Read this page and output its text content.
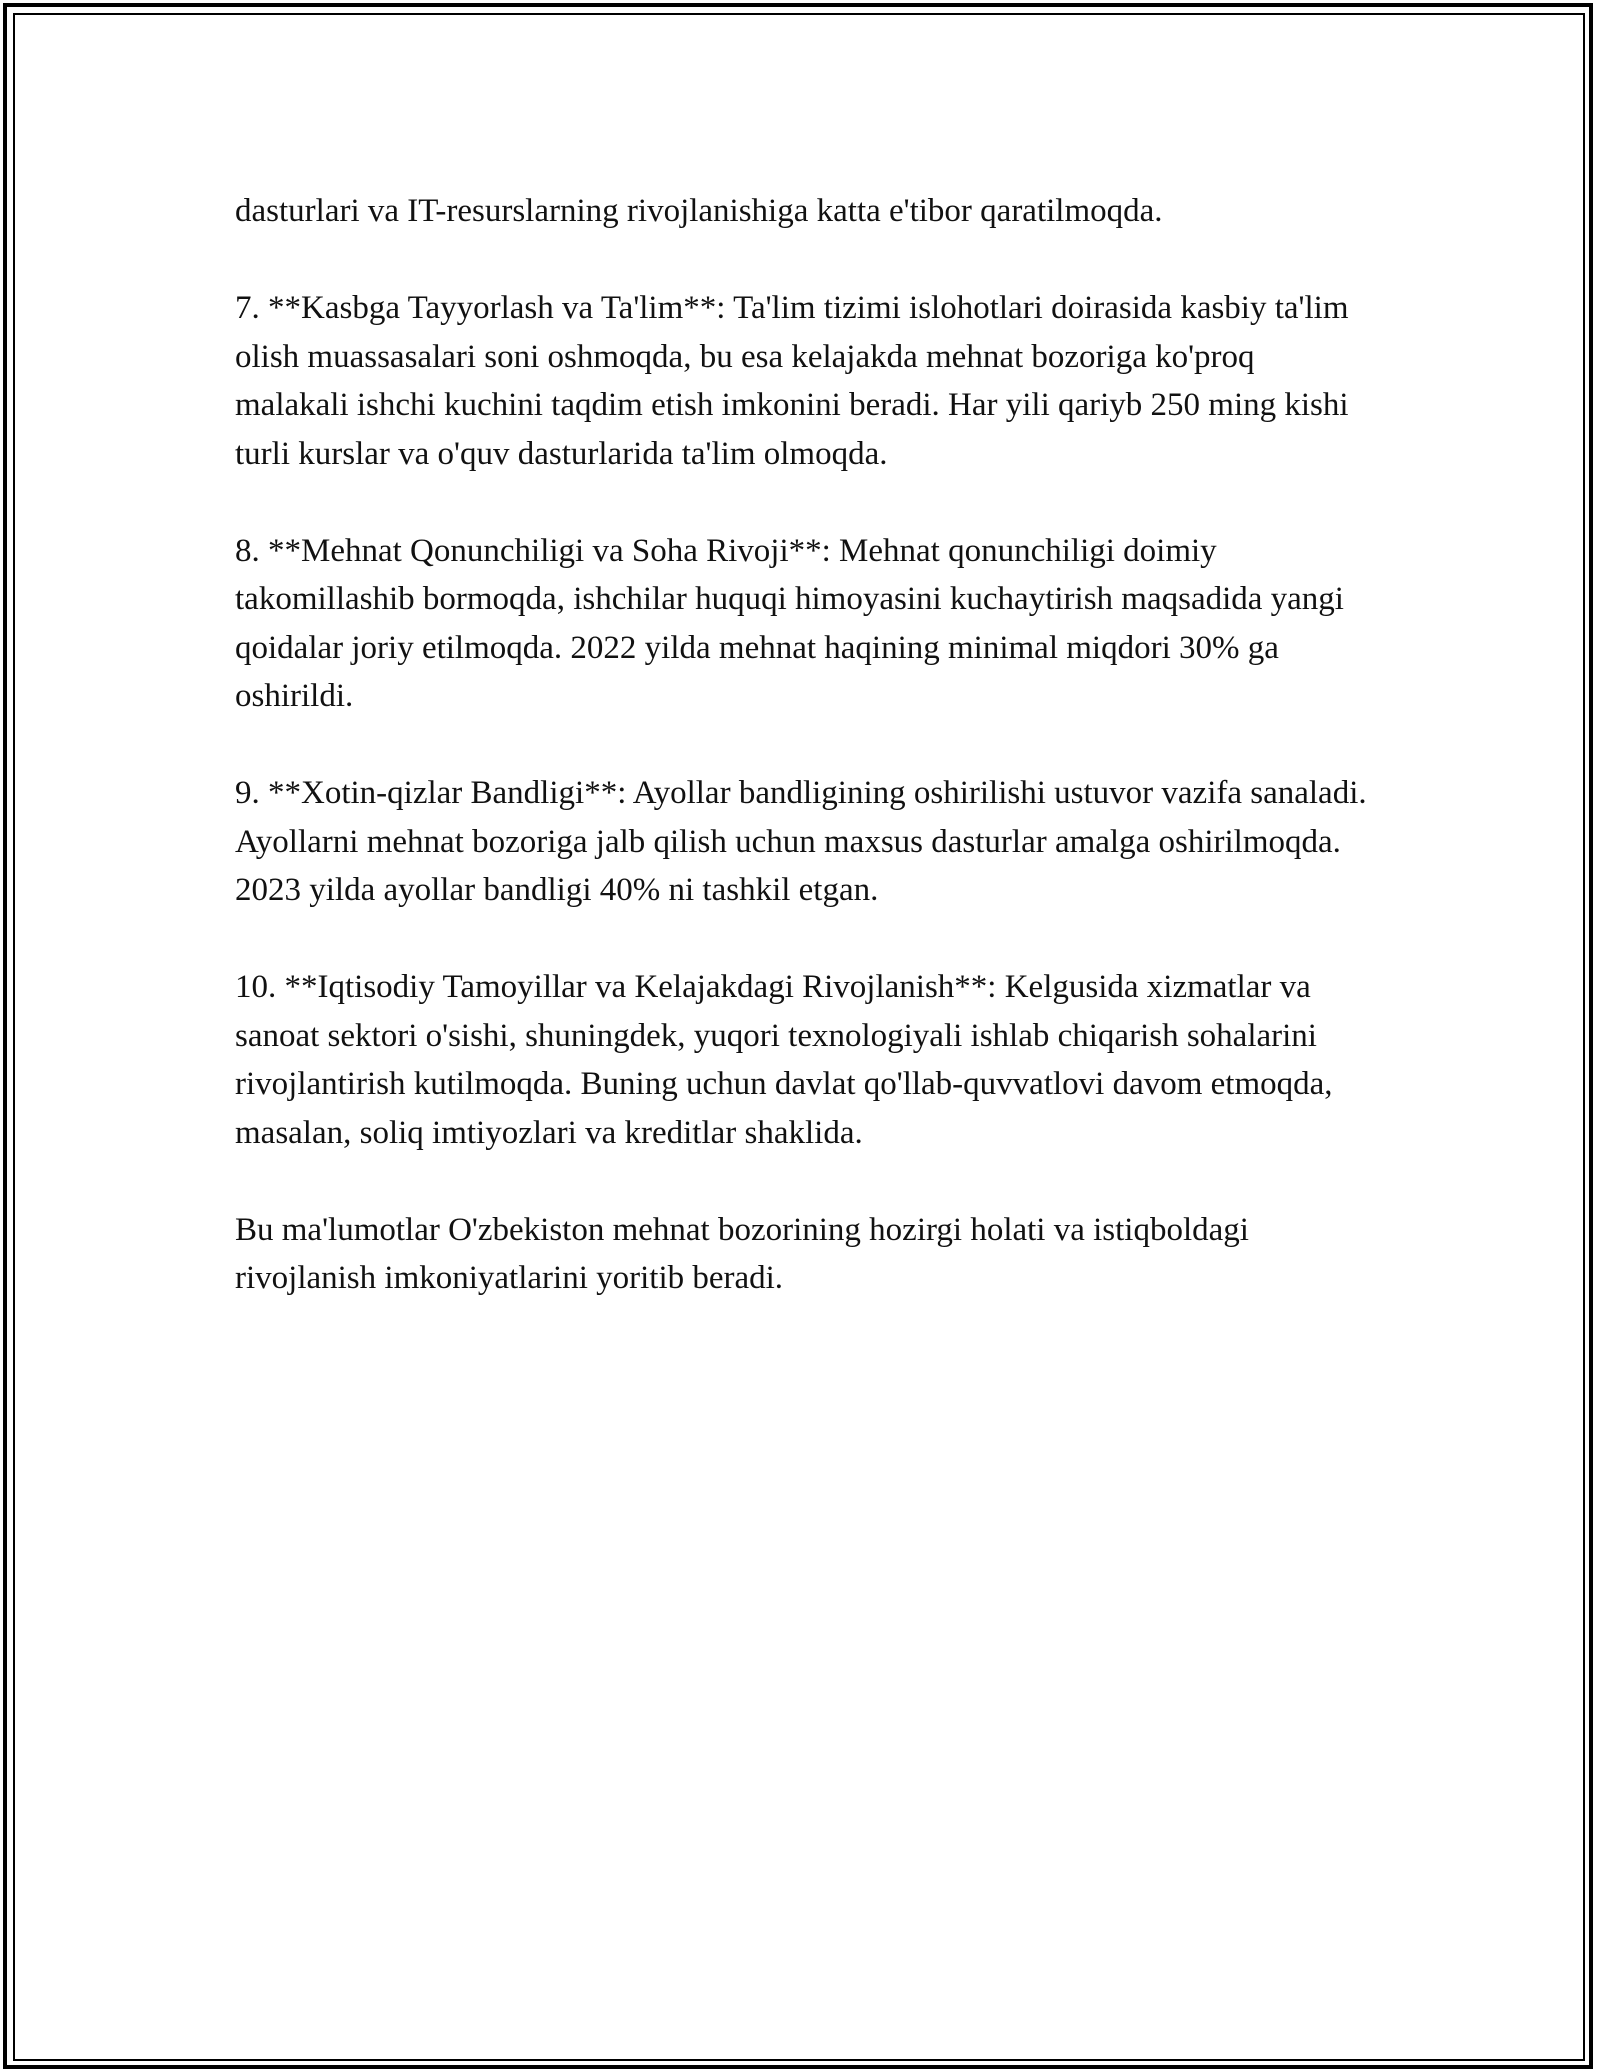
dasturlari va IT-resurslarning rivojlanishiga katta e'tibor qaratilmoqda.

7. **Kasbga Tayyorlash va Ta'lim**: Ta'lim tizimi islohotlari doirasida kasbiy ta'lim olish muassasalari soni oshmoqda, bu esa kelajakda mehnat bozoriga ko'proq malakali ishchi kuchini taqdim etish imkonini beradi. Har yili qariyb 250 ming kishi turli kurslar va o'quv dasturlarida ta'lim olmoqda.

8. **Mehnat Qonunchiligi va Soha Rivoji**: Mehnat qonunchiligi doimiy takomillashib bormoqda, ishchilar huquqi himoyasini kuchaytirish maqsadida yangi qoidalar joriy etilmoqda. 2022 yilda mehnat haqining minimal miqdori 30% ga oshirildi.

9. **Xotin-qizlar Bandligi**: Ayollar bandligining oshirilishi ustuvor vazifa sanaladi. Ayollarni mehnat bozoriga jalb qilish uchun maxsus dasturlar amalga oshirilmoqda. 2023 yilda ayollar bandligi 40% ni tashkil etgan.

10. **Iqtisodiy Tamoyillar va Kelajakdagi Rivojlanish**: Kelgusida xizmatlar va sanoat sektori o'sishi, shuningdek, yuqori texnologiyali ishlab chiqarish sohalarini rivojlantirish kutilmoqda. Buning uchun davlat qo'llab-quvvatlovi davom etmoqda, masalan, soliq imtiyozlari va kreditlar shaklida.

Bu ma'lumotlar O'zbekiston mehnat bozorining hozirgi holati va istiqboldagi rivojlanish imkoniyatlarini yoritib beradi.
